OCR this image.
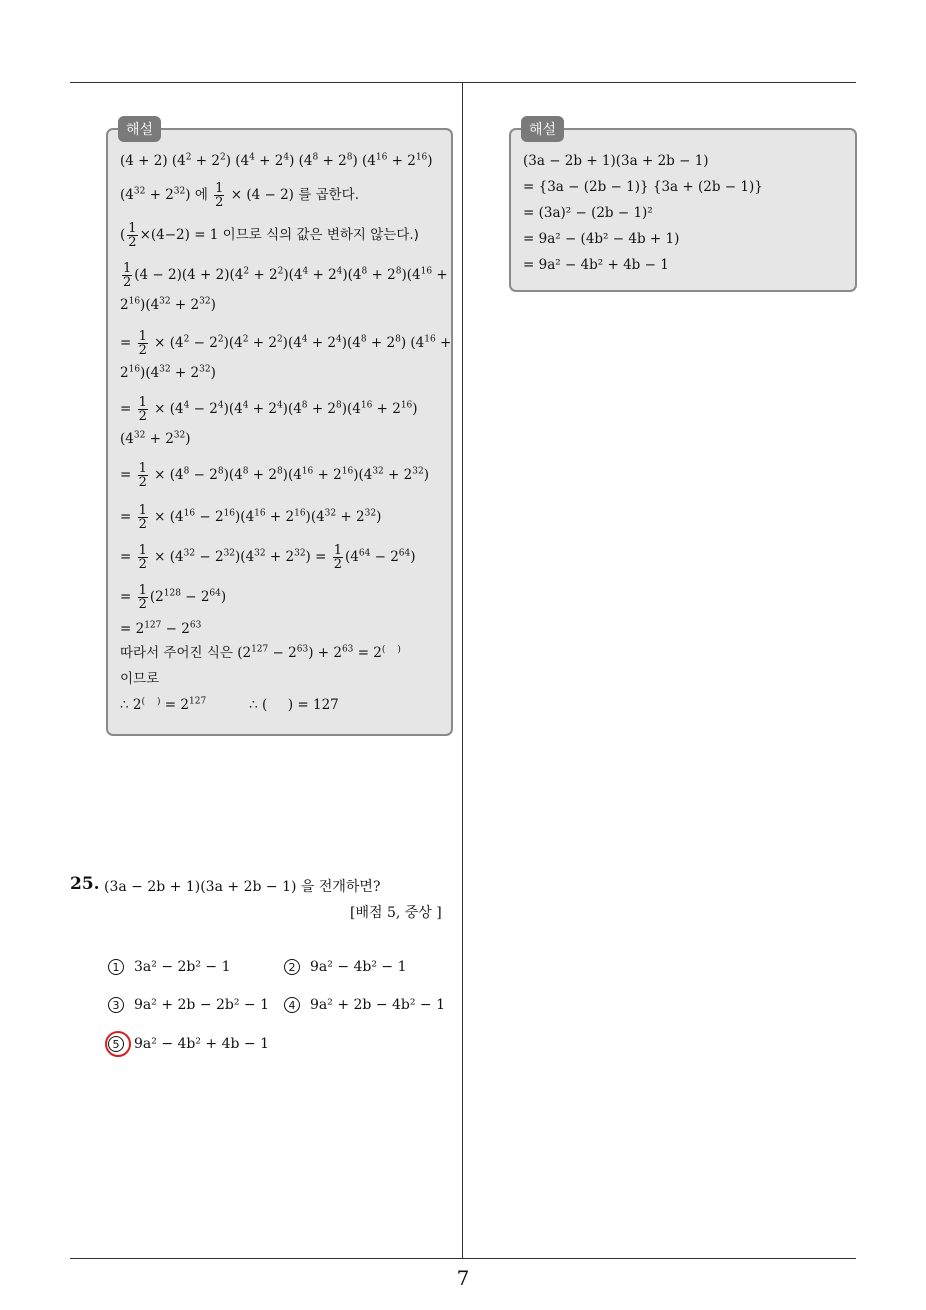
해설
(4 + 2) $(4^2 + 2^2) (4^4 + 2^4) (4^8 + 2^8) (4^{16} + 2^{16})$
$(4^{32} + 2^{32})$ 에 $\frac{1}{2} \times (4 - 2)$ 를 곱한다.
( $\frac{1}{2} \times(4-2) = 1$ 이므로 식의 값은 변하지 않는다.)
$\frac{1}{2} (4 - 2)(4 + 2)(4^2 + 2^2)(4^4 + 2^4)(4^8 + 2^8)(4^{16}$ +
$2^{16})(4^{32} + 2^{32})$
= $\frac{1}{2} \times (4^2 - 2^2)(4^2 + 2^2)(4^4 + 2^4)(4^8 + 2^8) (4^{16}$ +
$2^{16})(4^{32} + 2^{32})$
= $\frac{1}{2} \times (4^4 - 2^4)(4^4 + 2^4)(4^8 + 2^8)(4^{16} + 2^{16})$
$(4^{32} + 2^{32})$
= $\frac{1}{2} \times (4^8 - 2^8)(4^8 + 2^8)(4^{16} + 2^{16})(4^{32} + 2^{32})$
= $\frac{1}{2} \times (4^{16} - 2^{16})(4^{16} + 2^{16})(4^{32} + 2^{32})$
= $\frac{1}{2} \times (4^{32} - 2^{32})(4^{32} + 2^{32}) = \frac{1}{2} (4^{64} - 2^{64})$
= $\frac{1}{2} (2^{128} - 2^{64})$
= $2^{127} - 2^{63}$
따라서 주어진 식은 $(2^{127} - 2^{63}) + 2^{63} = 2^{( )}$
이므로
∴ $2^{( )} = 2^{127}$          ∴ (  ) = 127
해설
(3a − 2b + 1)(3a + 2b − 1)
= {3a − (2b − 1)} {3a + (2b − 1)}
= (3a)² − (2b − 1)²
= 9a² − (4b² − 4b + 1)
= 9a² − 4b² + 4b − 1
25. (3a − 2b + 1)(3a + 2b − 1) 을 전개하면?
[배점 5, 중상 ]
1	3a² − 2b² − 1	2	9a² − 4b² − 1
3	9a² + 2b − 2b² − 1	4	9a² + 2b − 4b² − 1
5	9a² − 4b² + 4b − 1
7
